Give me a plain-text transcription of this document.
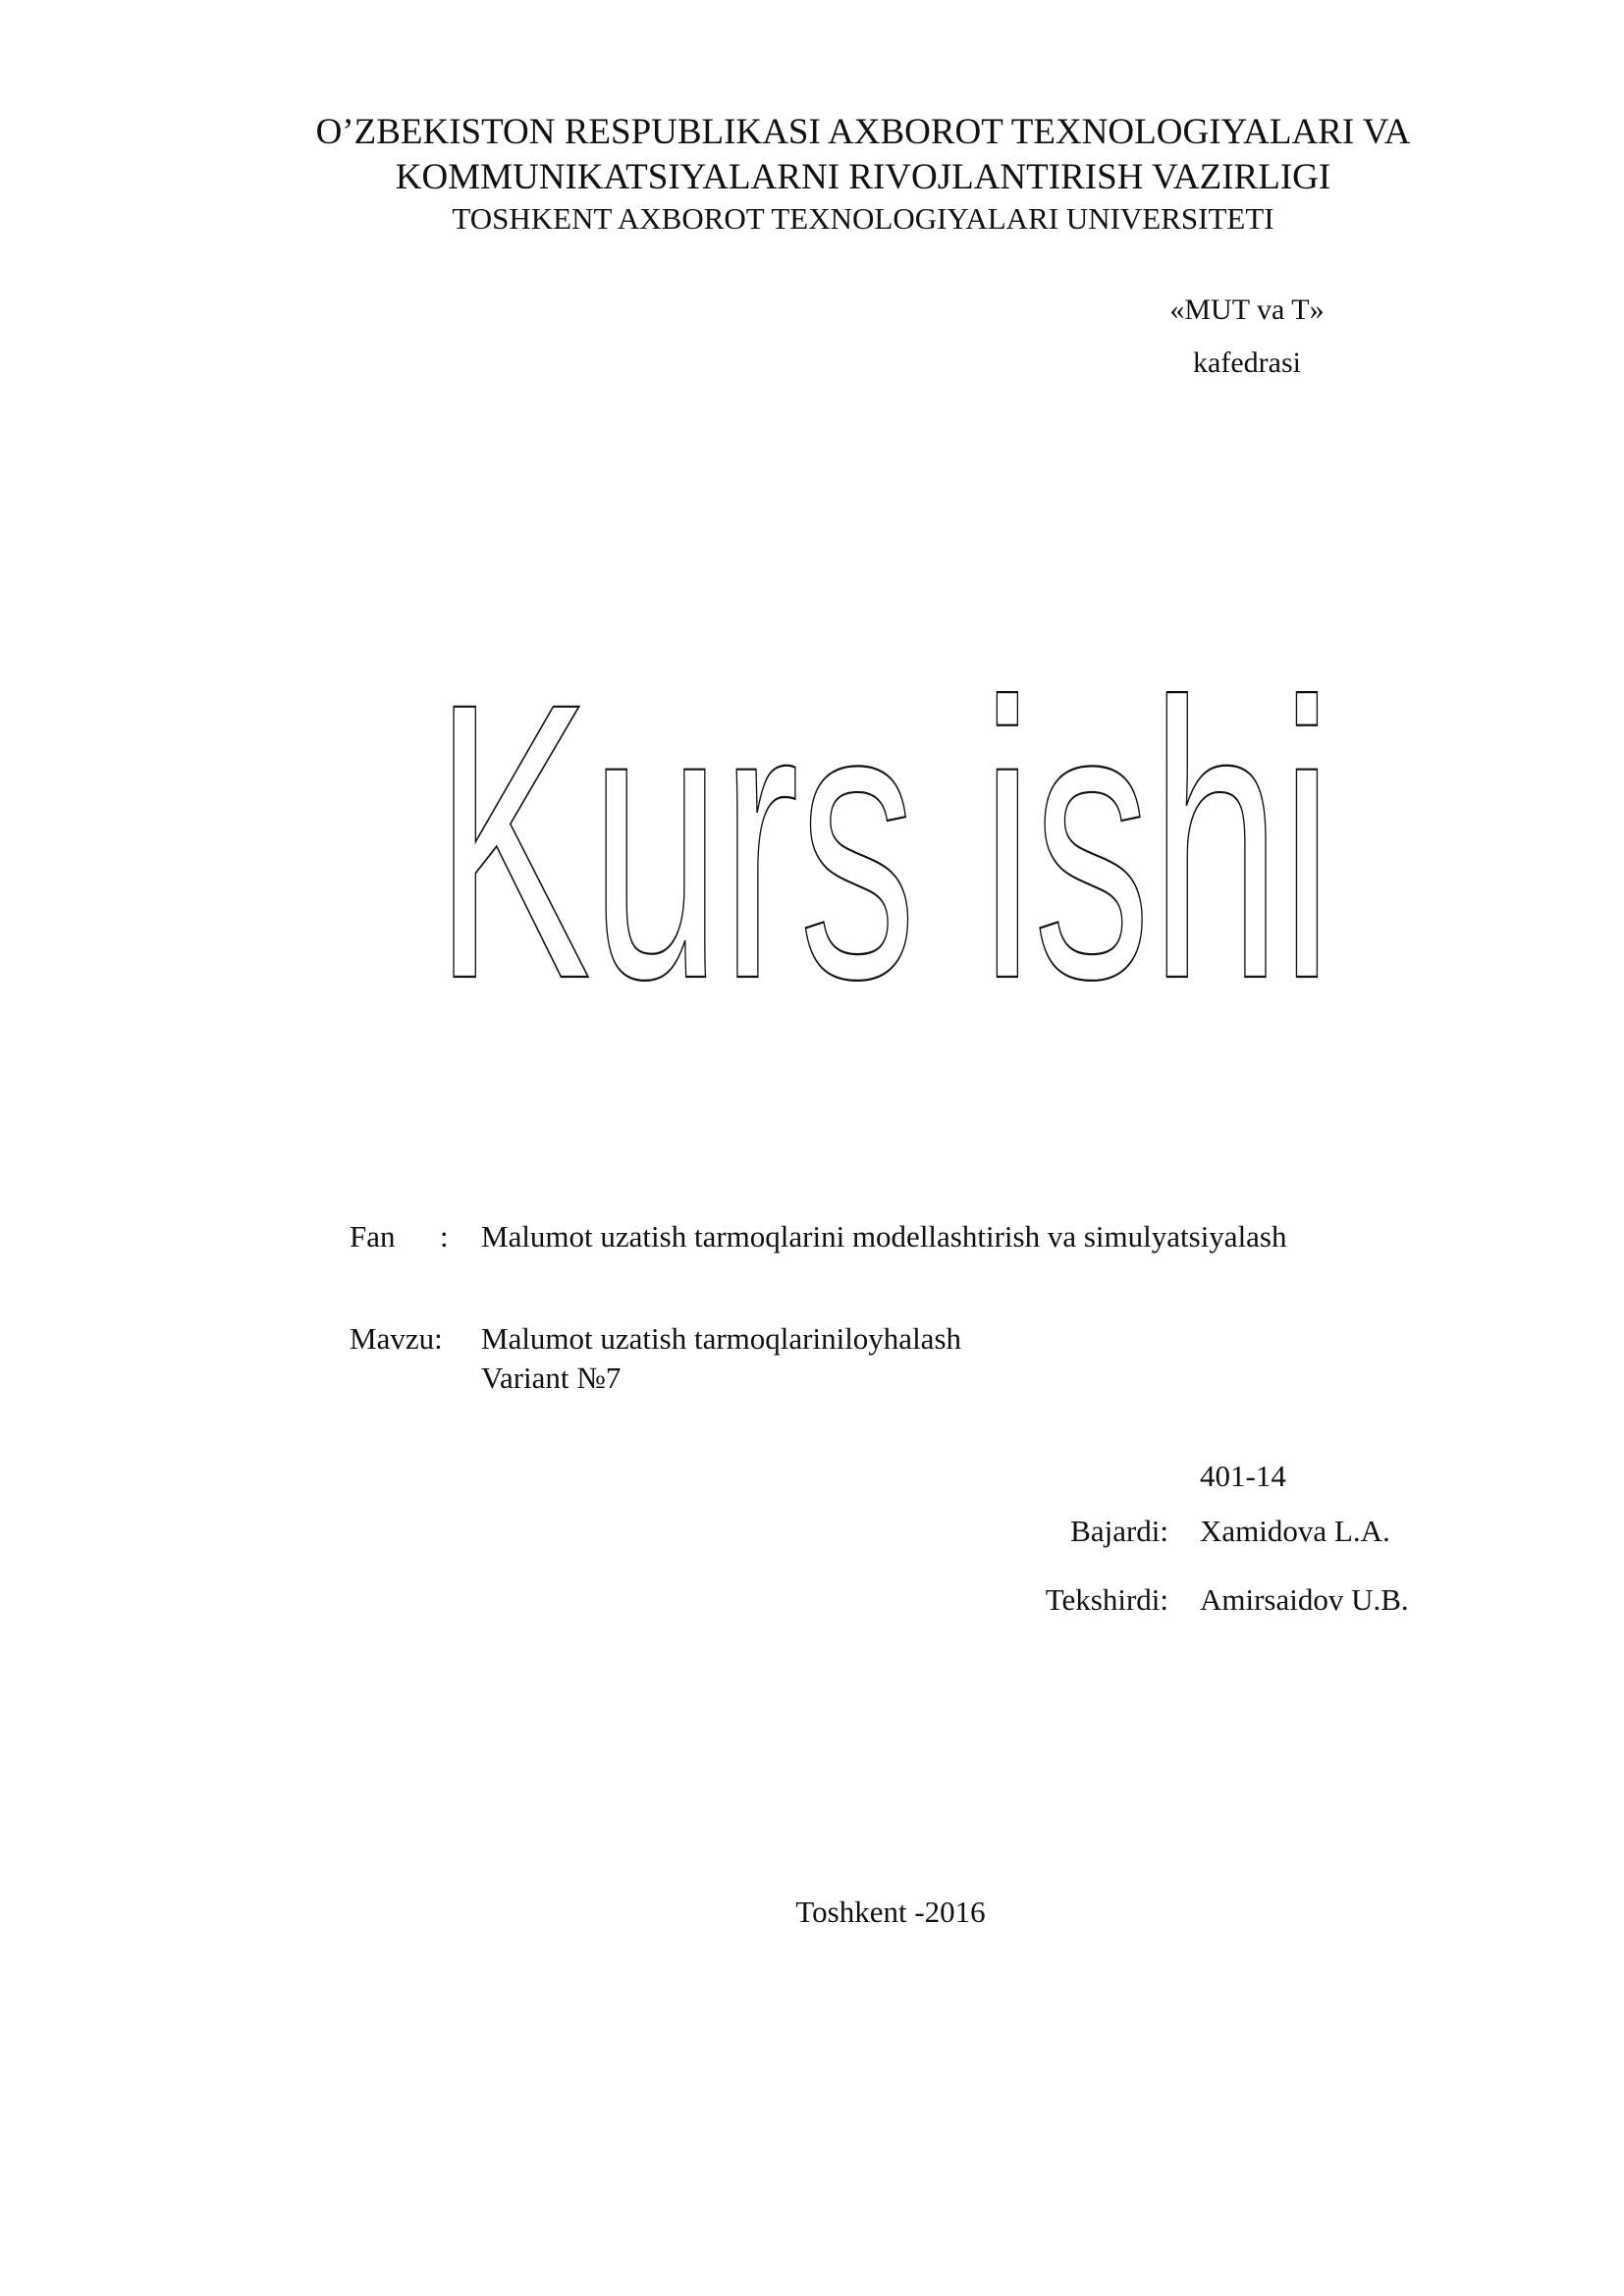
O’ZBEKISTON RESPUBLIKASI AXBOROT TEXNOLOGIYALARI VA
KOMMUNIKATSIYALARNI RIVOJLANTIRISH VAZIRLIGI
TOSHKENT AXBOROT TEXNOLOGIYALARI UNIVERSITETI
«MUT va T»
kafedrasi
Kurs ishi
Fan : Malumot uzatish tarmoqlarini modellashtirish va simulyatsiyalash
Mavzu: Malumot uzatish tarmoqlariniloyhalash
Variant №7
401-14
Bajardi: Xamidova L.A.
Tekshirdi: Amirsaidov U.B.
Toshkent -2016
